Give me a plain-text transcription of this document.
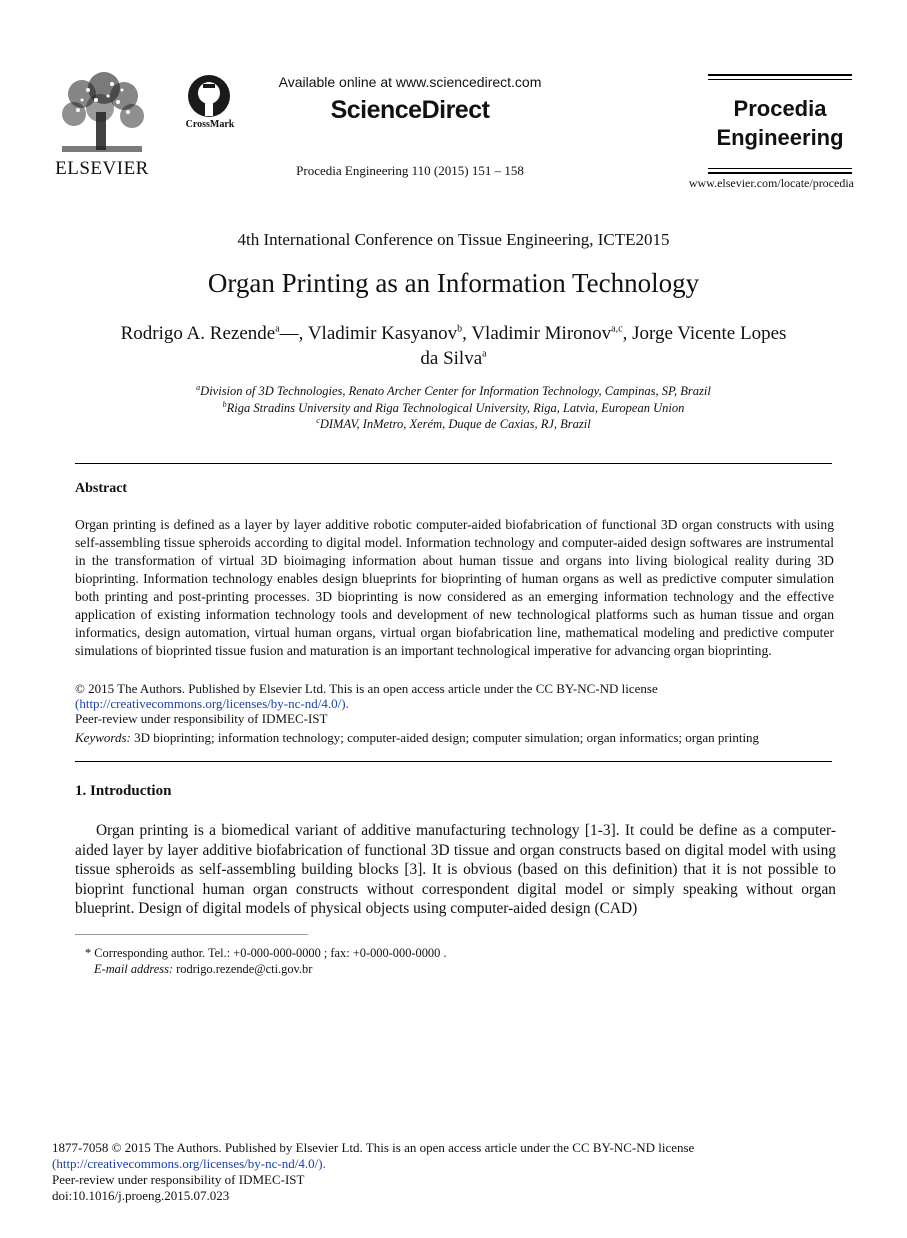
ELSEVIER
CrossMark
Available online at www.sciencedirect.com
ScienceDirect
Procedia Engineering 110 (2015) 151 – 158
Procedia
Engineering
www.elsevier.com/locate/procedia
4th International Conference on Tissue Engineering, ICTE2015
Organ Printing as an Information Technology
Rodrigo A. Rezende$^a$—, Vladimir Kasyanov$^b$, Vladimir Mironov$^{a,c}$, Jorge Vicente Lopes
da Silva$^a$
$^a$Division of 3D Technologies, Renato Archer Center for Information Technology, Campinas, SP, Brazil
$^b$Riga Stradins University and Riga Technological University, Riga, Latvia, European Union
$^c$DIMAV, InMetro, Xerém, Duque de Caxias, RJ, Brazil
Abstract
Organ printing is defined as a layer by layer additive robotic computer-aided biofabrication of functional 3D organ constructs with using self-assembling tissue spheroids according to digital model. Information technology and computer-aided design softwares are instrumental in the transformation of virtual 3D bioimaging information about human tissue and organs into living biological reality during 3D bioprinting. Information technology enables design blueprints for bioprinting of human organs as well as predictive computer simulation both printing and post-printing processes. 3D bioprinting is now considered as an emerging information technology and the effective application of existing information technology tools and development of new technological platforms such as human tissue and organ informatics, design automation, virtual human organs, virtual organ biofabrication line, mathematical modeling and predictive computer simulations of bioprinted tissue fusion and maturation is an important technological imperative for advancing organ bioprinting.
© 2015 The Authors. Published by Elsevier Ltd. This is an open access article under the CC BY-NC-ND license
(http://creativecommons.org/licenses/by-nc-nd/4.0/).
Peer-review under responsibility of IDMEC-IST
Keywords: 3D bioprinting; information technology; computer-aided design; computer simulation; organ informatics; organ printing
1. Introduction
Organ printing is a biomedical variant of additive manufacturing technology [1-3]. It could be define as a computer-aided layer by layer additive biofabrication of functional 3D tissue and organ constructs based on digital model with using tissue spheroids as self-assembling building blocks [3]. It is obvious (based on this definition) that it is not possible to bioprint functional human organ constructs without correspondent digital model or simply speaking without organ blueprint. Design of digital models of physical objects using computer-aided design (CAD)
* Corresponding author. Tel.: +0-000-000-0000 ; fax: +0-000-000-0000 .
E-mail address: rodrigo.rezende@cti.gov.br
1877-7058 © 2015 The Authors. Published by Elsevier Ltd. This is an open access article under the CC BY-NC-ND license
(http://creativecommons.org/licenses/by-nc-nd/4.0/).
Peer-review under responsibility of IDMEC-IST
doi:10.1016/j.proeng.2015.07.023
